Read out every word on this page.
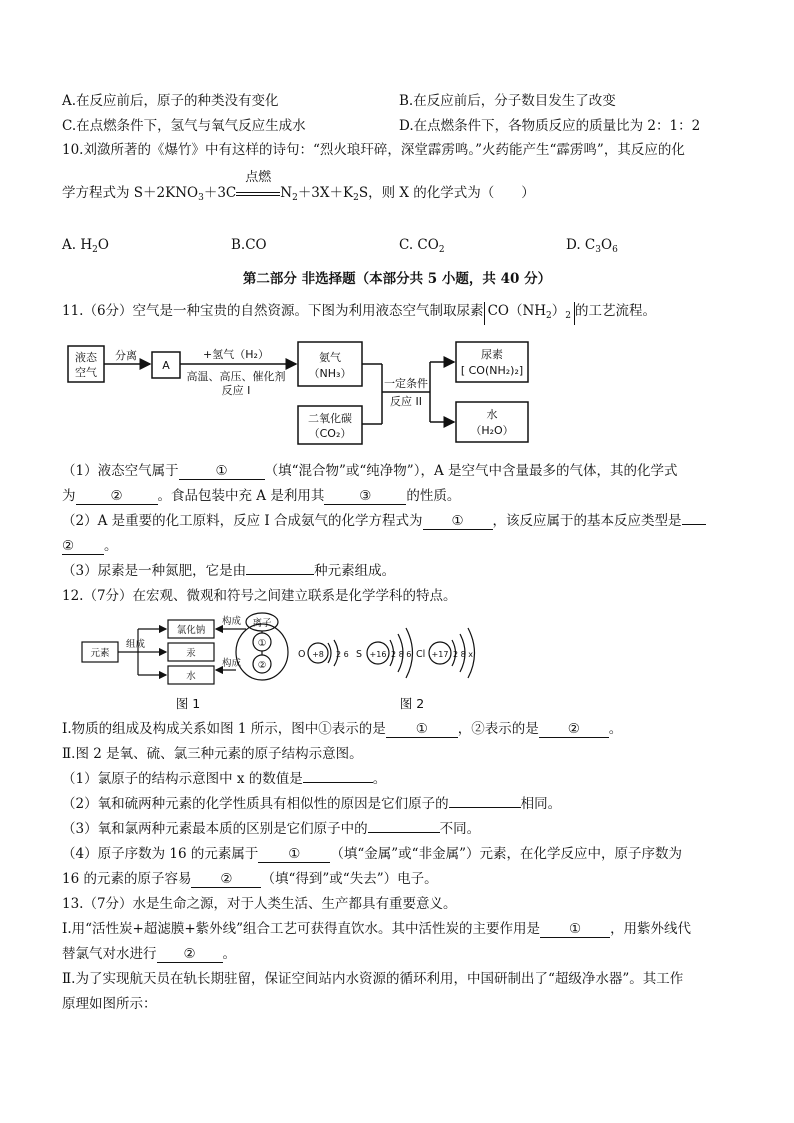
A.在反应前后，原子的种类没有变化	B.在反应前后，分子数目发生了改变
C.在点燃条件下，氢气与氧气反应生成水	D.在点燃条件下，各物质反应的质量比为 2：1：2
10.刘潋所著的《爆竹》中有这样的诗句：“烈火琅玕碎，深堂霹雳鸣。”火药能产生“霹雳鸣”，其反应的化
学方程式为 $S+2KNO_3+3C$
点燃
$N_2+3X+K_2S$，则 X 的化学式为（　　）
A. $H_2O$	B.CO	C. $CO_2$	D. $C_3O_6$
第二部分 非选择题（本部分共 5 小题，共 40 分）
11.（6分）空气是一种宝贵的自然资源。下图为利用液态空气制取尿素 $CO(NH_2)_2$ 的工艺流程。
液态
空气
分离
A
+氢气（H₂）
高温、高压、催化剂
反应 I
氨气
（NH₃）
二氧化碳
（CO₂）
一定条件
反应 II
尿素
[ CO(NH₂)₂]
水
（H₂O）
（1）液态空气属于	①	（填“混合物”或“纯净物”），A 是空气中含量最多的气体，其的化学式
为	②	。食品包装中充 A 是利用其	③	的性质。
（2）A 是重要的化工原料，反应 I 合成氨气的化学方程式为 ① ，该反应属于的基本反应类型是
② 。
（3）尿素是一种氮肥，它是由	种元素组成。
12.（7分）在宏观、微观和符号之间建立联系是化学学科的特点。
元素
组成
氯化钠
汞
水
构成
构成
离子
①
②
O +8 2 6 S +16 2 8 6 Cl +17 2 8 x
图 1	图 2
Ⅰ.物质的组成及构成关系如图 1 所示，图中①表示的是 ① ，②表示的是 ② 。
Ⅱ.图 2 是氧、硫、氯三种元素的原子结构示意图。
（1）氯原子的结构示意图中 x 的数值是	。
（2）氧和硫两种元素的化学性质具有相似性的原因是它们原子的	相同。
（3）氧和氯两种元素最本质的区别是它们原子中的	不同。
（4）原子序数为 16 的元素属于 ① （填“金属”或“非金属”）元素，在化学反应中，原子序数为
16 的元素的原子容易 ② （填“得到”或“失去”）电子。
13.（7分）水是生命之源，对于人类生活、生产都具有重要意义。
Ⅰ.用“活性炭+超滤膜+紫外线”组合工艺可获得直饮水。其中活性炭的主要作用是 ① ，用紫外线代
替氯气对水进行 ② 。
Ⅱ.为了实现航天员在轨长期驻留，保证空间站内水资源的循环利用，中国研制出了“超级净水器”。其工作
原理如图所示：
